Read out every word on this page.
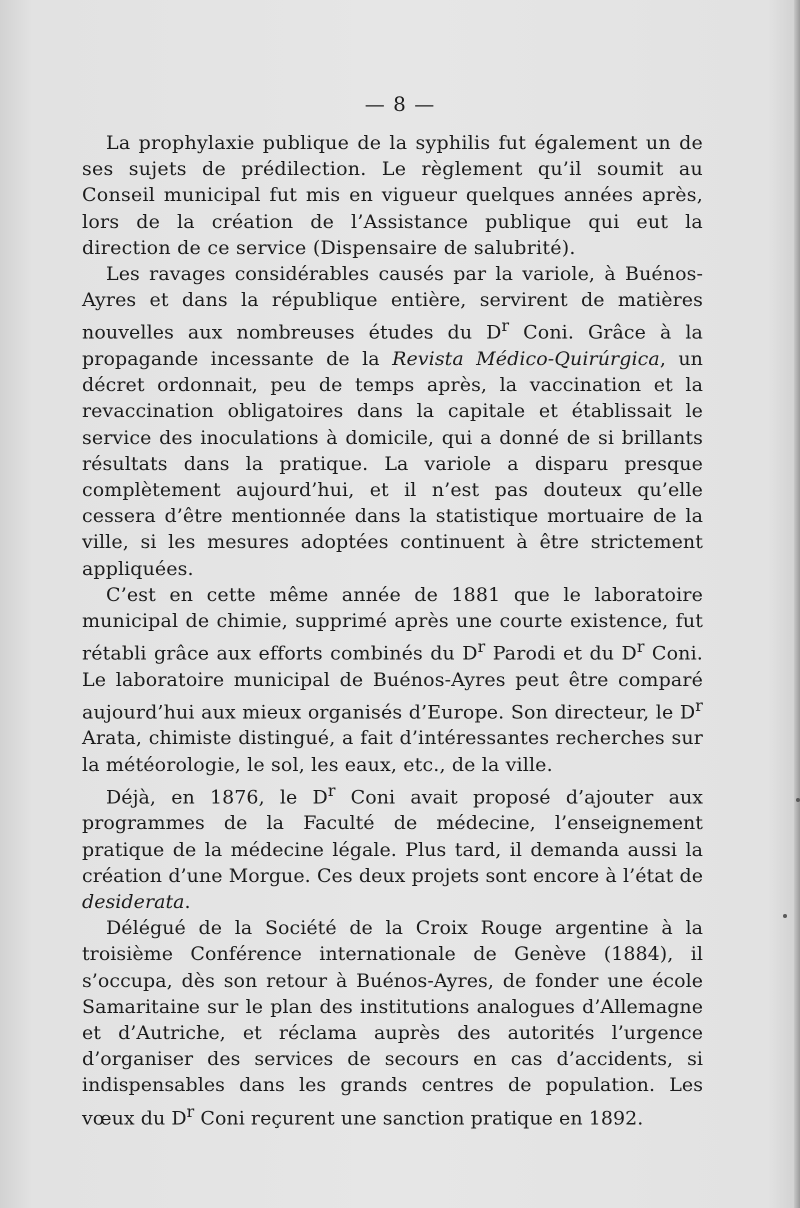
— 8 —

La prophylaxie publique de la syphilis fut également un de ses sujets de prédilection. Le règlement qu’il soumit au Conseil municipal fut mis en vigueur quelques années après, lors de la création de l’Assistance publique qui eut la direction de ce service (Dispensaire de salubrité).

Les ravages considérables causés par la variole, à Buénos-Ayres et dans la république entière, servirent de matières nouvelles aux nombreuses études du $D^r$ Coni. Grâce à la propagande incessante de la Revista Médico-Quirúrgica, un décret ordonnait, peu de temps après, la vaccination et la revaccination obligatoires dans la capitale et établissait le service des inoculations à domicile, qui a donné de si brillants résultats dans la pratique. La variole a disparu presque complètement aujourd’hui, et il n’est pas douteux qu’elle cessera d’être mentionnée dans la statistique mortuaire de la ville, si les mesures adoptées continuent à être strictement appliquées.

C’est en cette même année de 1881 que le laboratoire municipal de chimie, supprimé après une courte existence, fut rétabli grâce aux efforts combinés du $D^r$ Parodi et du $D^r$ Coni. Le laboratoire municipal de Buénos-Ayres peut être comparé aujourd’hui aux mieux organisés d’Europe. Son directeur, le $D^r$ Arata, chimiste distingué, a fait d’intéressantes recherches sur la météorologie, le sol, les eaux, etc., de la ville.

Déjà, en 1876, le $D^r$ Coni avait proposé d’ajouter aux programmes de la Faculté de médecine, l’enseignement pratique de la médecine légale. Plus tard, il demanda aussi la création d’une Morgue. Ces deux projets sont encore à l’état de desiderata.

Délégué de la Société de la Croix Rouge argentine à la troisième Conférence internationale de Genève (1884), il s’occupa, dès son retour à Buénos-Ayres, de fonder une école Samaritaine sur le plan des institutions analogues d’Allemagne et d’Autriche, et réclama auprès des autorités l’urgence d’organiser des services de secours en cas d’accidents, si indispensables dans les grands centres de population. Les vœux du $D^r$ Coni reçurent une sanction pratique en 1892.
